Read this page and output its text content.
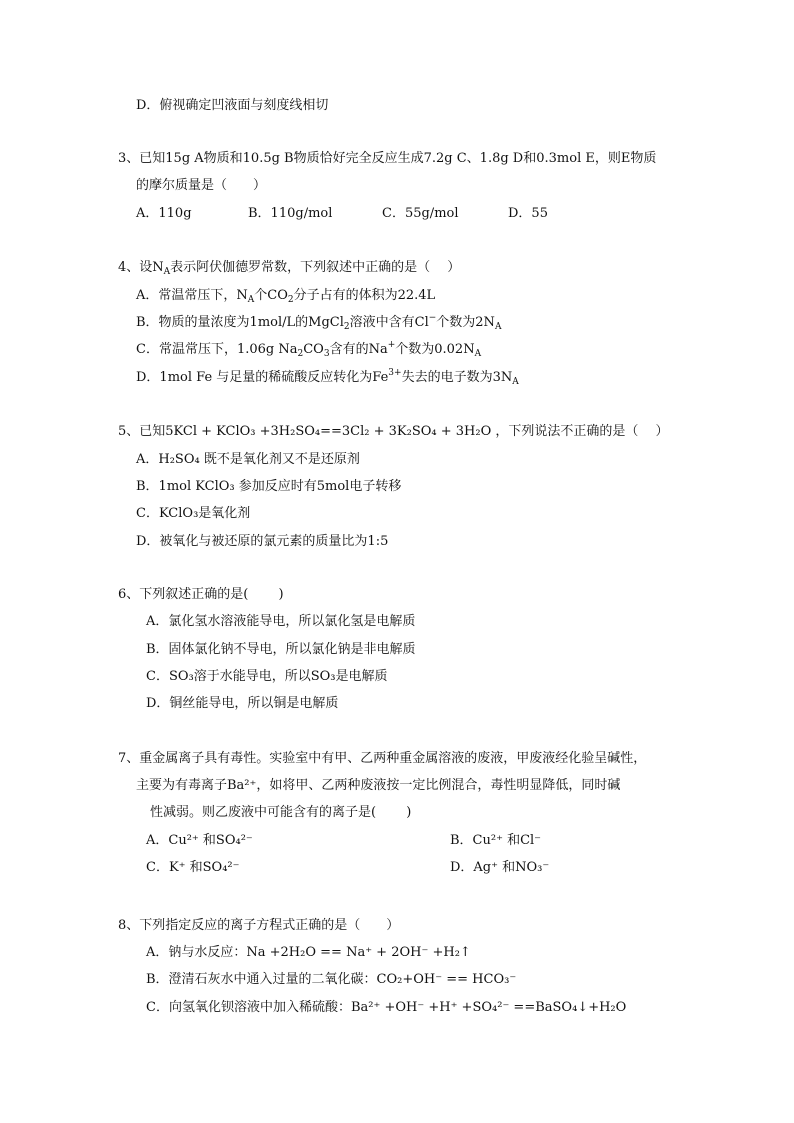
D．俯视确定凹液面与刻度线相切
3、已知15g A物质和10.5g B物质恰好完全反应生成7.2g C、1.8g D和0.3mol E，则E物质
的摩尔质量是（　　）
A．110g	B．110g/mol	C．55g/mol	D．55
4、设$N_A$表示阿伏伽德罗常数，下列叙述中正确的是（　 ）
A．常温常压下，$N_A$个$CO_2$分子占有的体积为22.4L
B．物质的量浓度为1mol/L的MgCl$_2$溶液中含有Cl−个数为$2N_A$
C．常温常压下，1.06g $Na_2CO_3$含有的Na+个数为$0.02N_A$
D．1mol Fe 与足量的稀硫酸反应转化为$Fe^{3+}$失去的电子数为$3N_A$
5、已知5KCl + KClO₃ +3H₂SO₄==3Cl₂ + 3K₂SO₄ + 3H₂O ，下列说法不正确的是（　 ）
A．H₂SO₄ 既不是氧化剂又不是还原剂
B．1mol KClO₃ 参加反应时有5mol电子转移
C．KClO₃是氧化剂
D．被氧化与被还原的氯元素的质量比为1:5
6、下列叙述正确的是(　　 )
A．氯化氢水溶液能导电，所以氯化氢是电解质
B．固体氯化钠不导电，所以氯化钠是非电解质
C．SO₃溶于水能导电，所以SO₃是电解质
D．铜丝能导电，所以铜是电解质
7、重金属离子具有毒性。实验室中有甲、乙两种重金属溶液的废液，甲废液经化验呈碱性，
主要为有毒离子Ba²⁺，如将甲、乙两种废液按一定比例混合，毒性明显降低，同时碱
性减弱。则乙废液中可能含有的离子是(　　 )
A．Cu²⁺ 和SO₄²⁻	B．Cu²⁺ 和Cl⁻
C．K⁺ 和SO₄²⁻	D．Ag⁺ 和NO₃⁻
8、下列指定反应的离子方程式正确的是（　　）
A．钠与水反应：Na +2H₂O == Na⁺ + 2OH⁻ +H₂↑
B．澄清石灰水中通入过量的二氧化碳：CO₂+OH⁻ == HCO₃⁻
C．向氢氧化钡溶液中加入稀硫酸：Ba²⁺ +OH⁻ +H⁺ +SO₄²⁻ ==BaSO₄↓+H₂O
